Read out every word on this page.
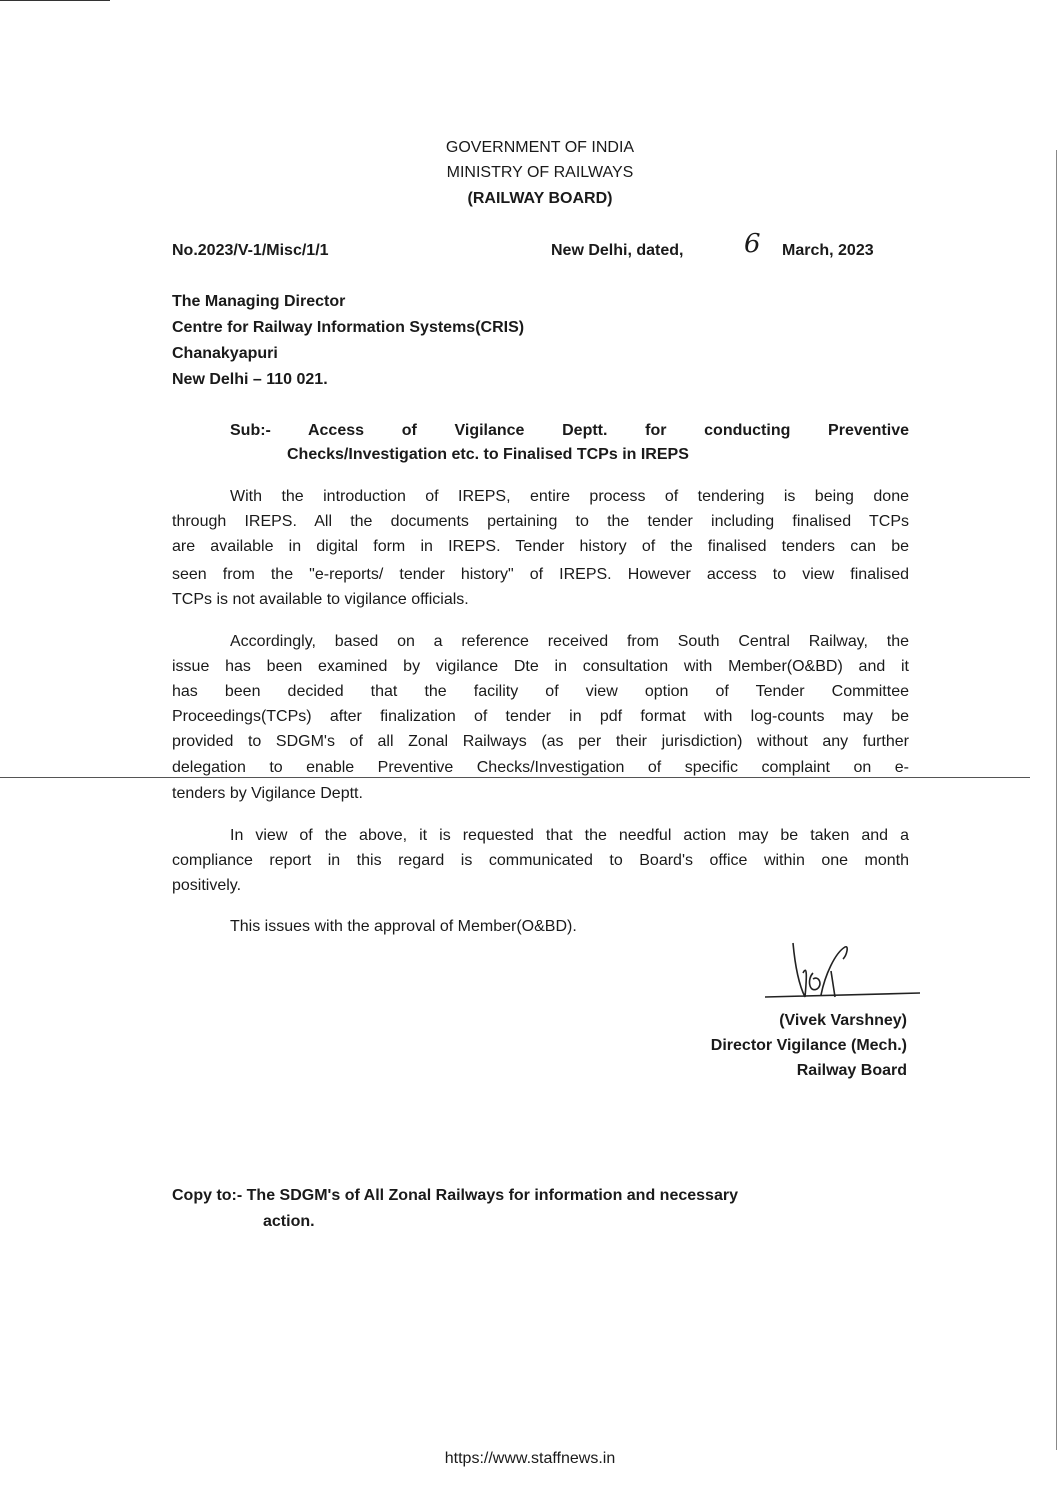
GOVERNMENT OF INDIA
MINISTRY OF RAILWAYS
(RAILWAY BOARD)
No.2023/V-1/Misc/1/1	New Delhi, dated, 6 March, 2023
The Managing Director
Centre for Railway Information Systems(CRIS)
Chanakyapuri
New Delhi – 110 021.
Sub:-  Access  of  Vigilance  Deptt.  for  conducting  Preventive
Checks/Investigation etc. to Finalised TCPs in IREPS
With the introduction of IREPS, entire process of tendering is being done
through IREPS. All the documents pertaining to the tender including finalised TCPs
are available in digital form in IREPS. Tender history of the finalised tenders can be
seen from the "e-reports/ tender history" of IREPS. However access to view finalised
TCPs is not available to vigilance officials.
Accordingly, based on a reference received from South Central Railway, the
issue has been examined by vigilance Dte in consultation with Member(O&BD) and it
has been decided that the facility of view option of Tender Committee
Proceedings(TCPs) after finalization of tender in pdf format with log-counts may be
provided to SDGM's of all Zonal Railways (as per their jurisdiction) without any further
delegation to enable Preventive Checks/Investigation of specific complaint on e-
tenders by Vigilance Deptt.
In view of the above, it is requested that the needful action may be taken and a
compliance report in this regard is communicated to Board's office within one month
positively.
This issues with the approval of Member(O&BD).
(Vivek Varshney)
Director Vigilance (Mech.)
Railway Board
Copy to:- The SDGM's of All Zonal Railways for information and necessary
action.
https://www.staffnews.in
